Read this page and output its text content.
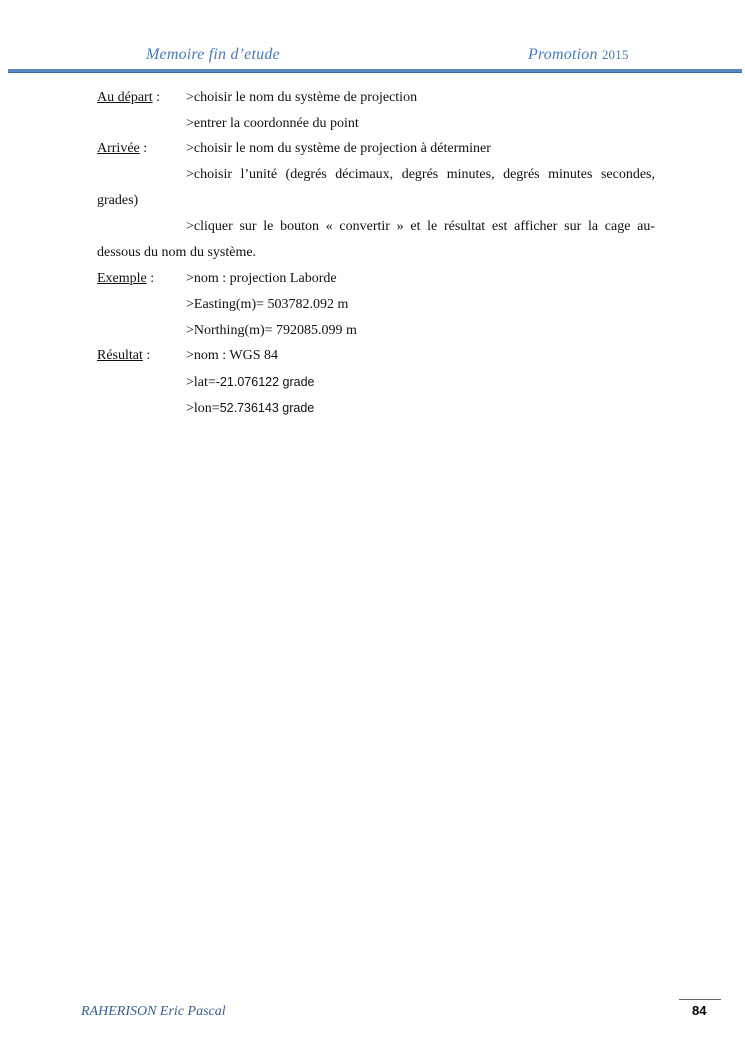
Memoire fin d’etude	Promotion 2015
Au départ : >choisir le nom du système de projection
>entrer la coordonnée du point
Arrivée :	>choisir le nom du système de projection à déterminer
>choisir l’unité (degrés décimaux, degrés minutes, degrés minutes secondes,
grades)
>cliquer sur le bouton « convertir » et le résultat est afficher sur la cage au-
dessous du nom du système.
Exemple : >nom : projection Laborde
>Easting(m)= 503782.092 m
>Northing(m)= 792085.099 m
Résultat :	>nom : WGS 84
>lat=-21.076122 grade
>lon=52.736143 grade
RAHERISON Eric Pascal	84
